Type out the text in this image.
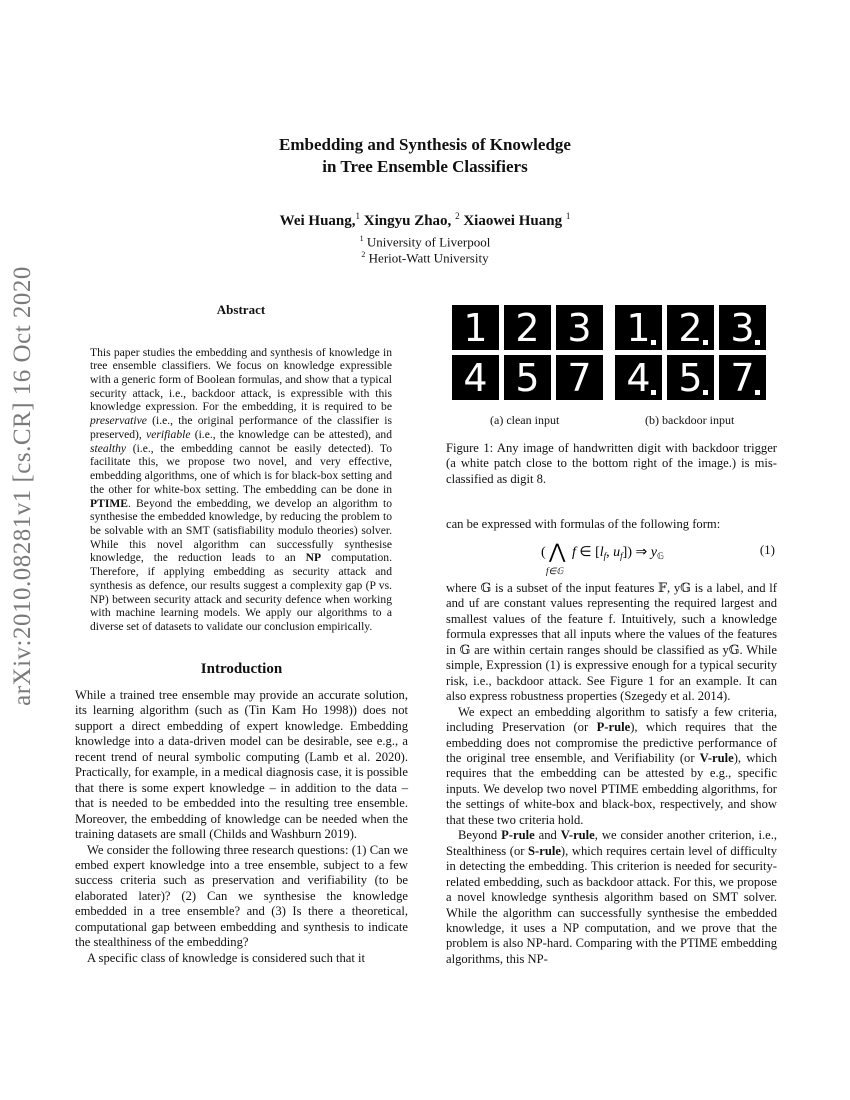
arXiv:2010.08281v1 [cs.CR] 16 Oct 2020
Embedding and Synthesis of Knowledge
in Tree Ensemble Classifiers
Wei Huang,$^1$ Xingyu Zhao, $^2$ Xiaowei Huang $^1$
$^1$ University of Liverpool
$^2$ Heriot-Watt University
Abstract

This paper studies the embedding and synthesis of knowledge in tree ensemble classifiers. We focus on knowledge expressible with a generic form of Boolean formulas, and show that a typical security attack, i.e., backdoor attack, is expressible with this knowledge expression. For the embedding, it is required to be preservative (i.e., the original performance of the classifier is preserved), verifiable (i.e., the knowledge can be attested), and stealthy (i.e., the embedding cannot be easily detected). To facilitate this, we propose two novel, and very effective, embedding algorithms, one of which is for black-box setting and the other for white-box setting. The embedding can be done in PTIME. Beyond the embedding, we develop an algorithm to synthesise the embedded knowledge, by reducing the problem to be solvable with an SMT (satisfiability modulo theories) solver. While this novel algorithm can successfully synthesise knowledge, the reduction leads to an NP computation. Therefore, if applying embedding as security attack and synthesis as defence, our results suggest a complexity gap (P vs. NP) between security attack and security defence when working with machine learning models. We apply our algorithms to a diverse set of datasets to validate our conclusion empirically.

Introduction

While a trained tree ensemble may provide an accurate solution, its learning algorithm (such as (Tin Kam Ho 1998)) does not support a direct embedding of expert knowledge. Embedding knowledge into a data-driven model can be desirable, see e.g., a recent trend of neural symbolic computing (Lamb et al. 2020). Practically, for example, in a medical diagnosis case, it is possible that there is some expert knowledge – in addition to the data – that is needed to be embedded into the resulting tree ensemble. Moreover, the embedding of knowledge can be needed when the training datasets are small (Childs and Washburn 2019).

We consider the following three research questions: (1) Can we embed expert knowledge into a tree ensemble, subject to a few success criteria such as preservation and verifiability (to be elaborated later)? (2) Can we synthesise the knowledge embedded in a tree ensemble? and (3) Is there a theoretical, computational gap between embedding and synthesis to indicate the stealthiness of the embedding?

A specific class of knowledge is considered such that it

1 2 3
4 5 7
1 2 3
4 5 7
(a) clean input	(b) backdoor input
Figure 1: Any image of handwritten digit with backdoor trigger (a white patch close to the bottom right of the image.) is mis-classified as digit 8.
can be expressed with formulas of the following form:
( ⋀
f∈𝔾
f ∈ [$l_f$, $u_f$]) ⇒ $y_𝔾$	(1)

where 𝔾 is a subset of the input features 𝔽, y𝔾 is a label, and lf and uf are constant values representing the required largest and smallest values of the feature f. Intuitively, such a knowledge formula expresses that all inputs where the values of the features in 𝔾 are within certain ranges should be classified as y𝔾. While simple, Expression (1) is expressive enough for a typical security risk, i.e., backdoor attack. See Figure 1 for an example. It can also express robustness properties (Szegedy et al. 2014).

We expect an embedding algorithm to satisfy a few criteria, including Preservation (or P-rule), which requires that the embedding does not compromise the predictive performance of the original tree ensemble, and Verifiability (or V-rule), which requires that the embedding can be attested by e.g., specific inputs. We develop two novel PTIME embedding algorithms, for the settings of white-box and black-box, respectively, and show that these two criteria hold.

Beyond P-rule and V-rule, we consider another criterion, i.e., Stealthiness (or S-rule), which requires certain level of difficulty in detecting the embedding. This criterion is needed for security-related embedding, such as backdoor attack. For this, we propose a novel knowledge synthesis algorithm based on SMT solver. While the algorithm can successfully synthesise the embedded knowledge, it uses a NP computation, and we prove that the problem is also NP-hard. Comparing with the PTIME embedding algorithms, this NP-
